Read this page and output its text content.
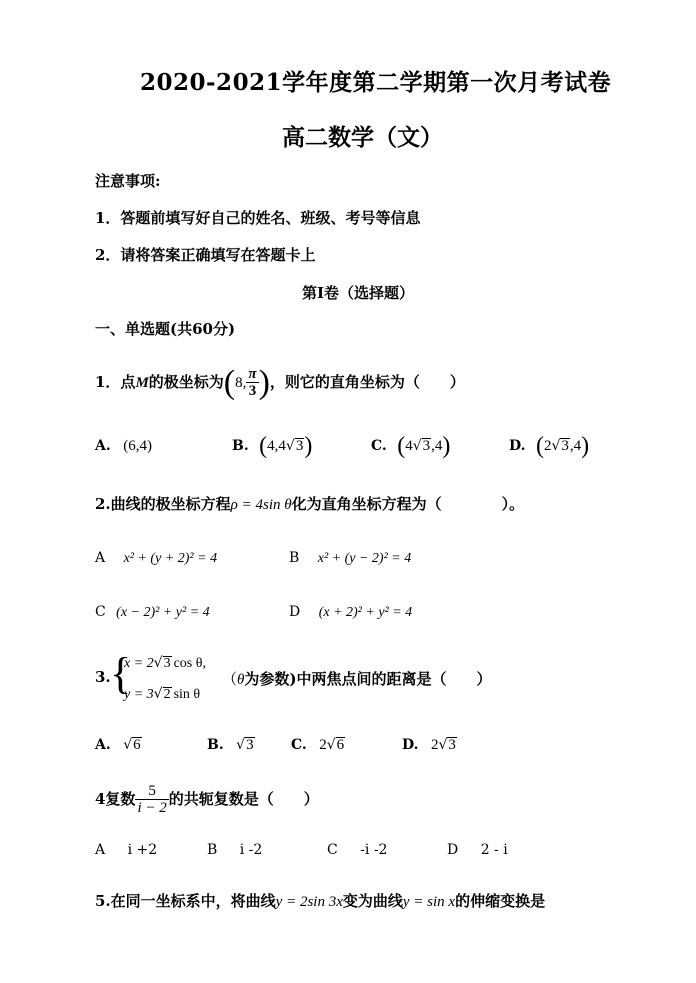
2020-2021学年度第二学期第一次月考试卷
高二数学（文）
注意事项:
1．答题前填写好自己的姓名、班级、考号等信息
2．请将答案正确填写在答题卡上
第I卷（选择题）
一、单选题(共60分)
1．点M的极坐标为(8, $\frac{\pi}{3}$ )，则它的直角坐标为（　　）
A. (6,4)	B. (4,4√3)	C. (4√3,4)	D. (2√3,4)
2.曲线的极坐标方程ρ = 4sin θ化为直角坐标方程为（　　　　）。
A x² + (y + 2)² = 4	B x² + (y − 2)² = 4
C (x − 2)² + y² = 4	D (x + 2)² + y² = 4
3. {
x = 2√3 cos θ,
y = 3√2 sin θ
（θ为参数)中两焦点间的距离是（　　）
A. √6	B. √3	C. 2√6	D. 2√3
4复数 $\frac{5}{i - 2}$ 的共轭复数是（　　）
A i +2	B i -2	C -i -2	D 2 - i
5.在同一坐标系中，将曲线y = 2sin 3x变为曲线y = sin x的伸缩变换是
